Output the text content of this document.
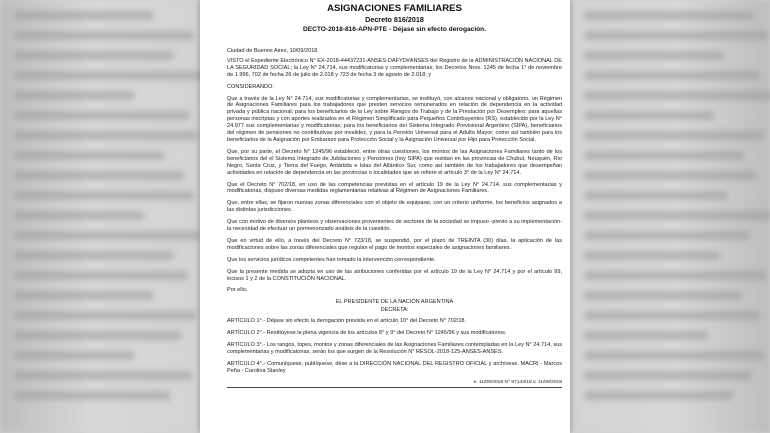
ASIGNACIONES FAMILIARES
Decreto 816/2018
DECTO-2018-816-APN-PTE - Déjase sin efecto derogación.

Ciudad de Buenos Aires, 10/09/2018

VISTO el Expediente Electrónico N° EX-2018-44437231-ANSES-DAFYD#ANSES del Registro de la ADMINISTRACIÓN NACIONAL DE LA SEGURIDAD SOCIAL; la Ley N° 24.714, sus modificatorias y complementarias; los Decretos Nros. 1245 de fecha 1° de noviembre de 1.996, 702 de fecha 26 de julio de 2.018 y 723 de fecha 3 de agosto de 2.018; y

CONSIDERANDO:

Que a través de la Ley N° 24.714, sus modificatorias y complementarias, se instituyó, con alcance nacional y obligatorio, un Régimen de Asignaciones Familiares para los trabajadores que presten servicios remunerados en relación de dependencia en la actividad privada y pública nacional; para los beneficiarios de la Ley sobre Riesgos de Trabajo y de la Prestación por Desempleo; para aquellas personas inscriptas y con aportes realizados en el Régimen Simplificado para Pequeños Contribuyentes (RS), establecido por la Ley N° 24.977 sus complementarias y modificatorias; para los beneficiarios del Sistema Integrado Previsional Argentino (SIPA), beneficiarios del régimen de pensiones no contributivas por invalidez, y para la Pensión Universal para el Adulto Mayor; como así también para los beneficiarios de la Asignación por Embarazo para Protección Social y la Asignación Universal por Hijo para Protección Social.

Que, por su parte, el Decreto N° 1245/96 estableció, entre otras cuestiones, los montos de las Asignaciones Familiares tanto de los beneficiarios del el Sistema Integrado de Jubilaciones y Pensiones (hoy SIPA) que residan en las provincias de Chubut, Neuquén, Río Negro, Santa Cruz, y Tierra del Fuego, Antártida e Islas del Atlántico Sur, como así también de los trabajadores que desempeñan actividades en relación de dependencia en las provincias o localidades que se refiere el artículo 3° de la Ley N° 24.714.

Que el Decreto N° 702/18, en uso de las competencias previstas en el artículo 19 de la Ley N° 24.714, sus complementarias y modificatorias, dispuso diversas medidas reglamentarias relativas al Régimen de Asignaciones Familiares.

Que, entre ellas, se fijaron nuevas zonas diferenciales con el objeto de equiparar, con un criterio uniforme, los beneficios asignados a las distintas jurisdicciones.

Que con motivo de diversos planteos y observaciones provenientes de sectores de la sociedad se impuso -previo a su implementación- la necesidad de efectuar un pormenorizado análisis de la cuestión.

Que en virtud de ello, a través del Decreto N° 723/18, se suspendió, por el plazo de TREINTA (30) días, la aplicación de las modificaciones sobre las zonas diferenciales que regulan el pago de montos especiales de asignaciones familiares.

Que los servicios jurídicos competentes han tomado la intervención correspondiente.

Que la presente medida se adopta en uso de las atribuciones conferidas por el artículo 19 de la Ley N° 24.714 y por el artículo 99, incisos 1 y 2 de la CONSTITUCIÓN NACIONAL.

Por ello,

EL PRESIDENTE DE LA NACIÓN ARGENTINA

DECRETA:

ARTÍCULO 1°.- Déjase sin efecto la derogación prevista en el artículo 10° del Decreto N° 702/18.

ARTÍCULO 2°.- Restitúyese la plena vigencia de los artículos 8° y 9° del Decreto N° 1245/96 y sus modificatorios.

ARTÍCULO 3°.- Los rangos, topes, montos y zonas diferenciales de las Asignaciones Familiares contempladas en la Ley N° 24.714, sus complementarias y modificatorias, serán los que surgen de la Resolución N° RESOL-2018-125-ANSES-ANSES.

ARTÍCULO 4°.- Comuníquese, publíquese, dése a la DIRECCIÓN NACIONAL DEL REGISTRO OFICIAL y archívese. MACRI - Marcos Peña - Carolina Stanley

e. 11/09/2018 N° 67143/18 v. 11/09/2018
